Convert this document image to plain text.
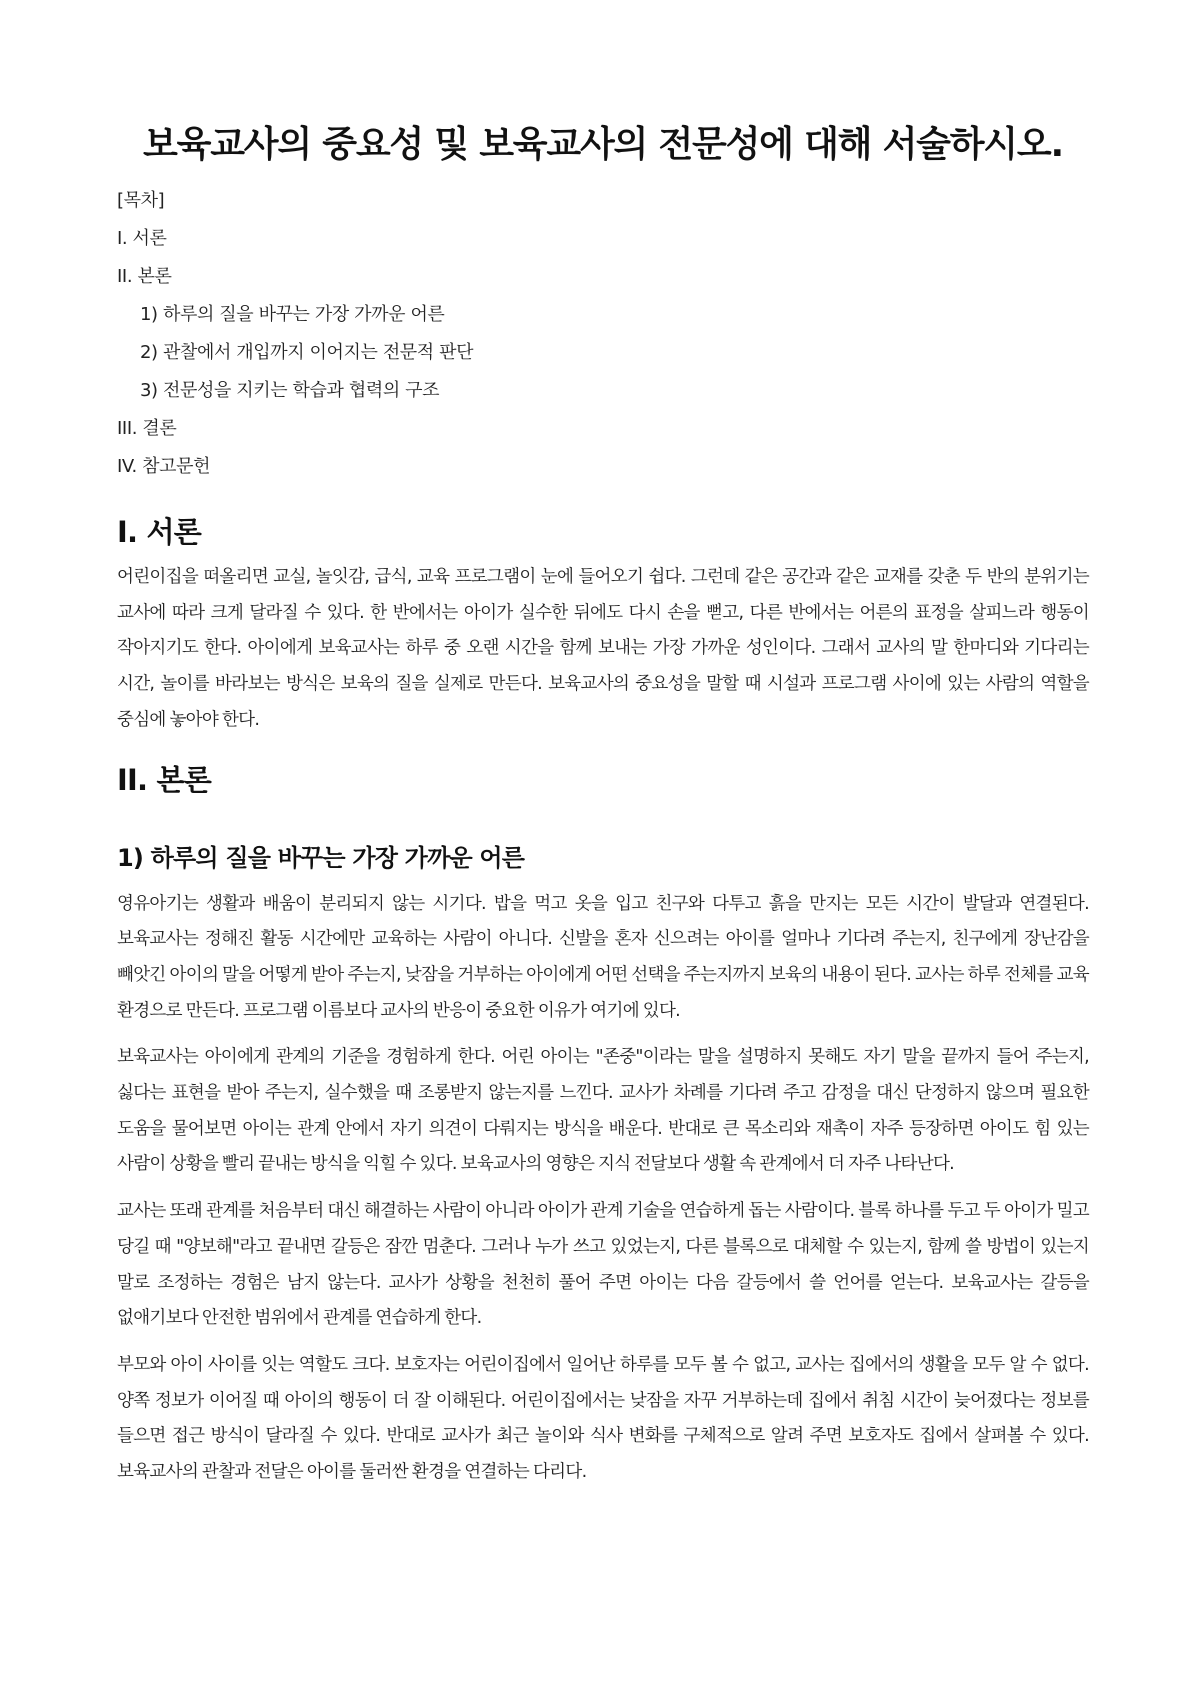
보육교사의 중요성 및 보육교사의 전문성에 대해 서술하시오.
[목차]
I. 서론
II. 본론
1) 하루의 질을 바꾸는 가장 가까운 어른
2) 관찰에서 개입까지 이어지는 전문적 판단
3) 전문성을 지키는 학습과 협력의 구조
III. 결론
IV. 참고문헌
I. 서론

어린이집을 떠올리면 교실, 놀잇감, 급식, 교육 프로그램이 눈에 들어오기 쉽다. 그런데 같은 공간과 같은 교재를 갖춘 두 반의 분위기는 교사에 따라 크게 달라질 수 있다. 한 반에서는 아이가 실수한 뒤에도 다시 손을 뻗고, 다른 반에서는 어른의 표정을 살피느라 행동이 작아지기도 한다. 아이에게 보육교사는 하루 중 오랜 시간을 함께 보내는 가장 가까운 성인이다. 그래서 교사의 말 한마디와 기다리는 시간, 놀이를 바라보는 방식은 보육의 질을 실제로 만든다. 보육교사의 중요성을 말할 때 시설과 프로그램 사이에 있는 사람의 역할을 중심에 놓아야 한다.

II. 본론
1) 하루의 질을 바꾸는 가장 가까운 어른

영유아기는 생활과 배움이 분리되지 않는 시기다. 밥을 먹고 옷을 입고 친구와 다투고 흙을 만지는 모든 시간이 발달과 연결된다. 보육교사는 정해진 활동 시간에만 교육하는 사람이 아니다. 신발을 혼자 신으려는 아이를 얼마나 기다려 주는지, 친구에게 장난감을 빼앗긴 아이의 말을 어떻게 받아 주는지, 낮잠을 거부하는 아이에게 어떤 선택을 주는지까지 보육의 내용이 된다. 교사는 하루 전체를 교육 환경으로 만든다. 프로그램 이름보다 교사의 반응이 중요한 이유가 여기에 있다.

보육교사는 아이에게 관계의 기준을 경험하게 한다. 어린 아이는 "존중"이라는 말을 설명하지 못해도 자기 말을 끝까지 들어 주는지, 싫다는 표현을 받아 주는지, 실수했을 때 조롱받지 않는지를 느낀다. 교사가 차례를 기다려 주고 감정을 대신 단정하지 않으며 필요한 도움을 물어보면 아이는 관계 안에서 자기 의견이 다뤄지는 방식을 배운다. 반대로 큰 목소리와 재촉이 자주 등장하면 아이도 힘 있는 사람이 상황을 빨리 끝내는 방식을 익힐 수 있다. 보육교사의 영향은 지식 전달보다 생활 속 관계에서 더 자주 나타난다.

교사는 또래 관계를 처음부터 대신 해결하는 사람이 아니라 아이가 관계 기술을 연습하게 돕는 사람이다. 블록 하나를 두고 두 아이가 밀고 당길 때 "양보해"라고 끝내면 갈등은 잠깐 멈춘다. 그러나 누가 쓰고 있었는지, 다른 블록으로 대체할 수 있는지, 함께 쓸 방법이 있는지 말로 조정하는 경험은 남지 않는다. 교사가 상황을 천천히 풀어 주면 아이는 다음 갈등에서 쓸 언어를 얻는다. 보육교사는 갈등을 없애기보다 안전한 범위에서 관계를 연습하게 한다.

부모와 아이 사이를 잇는 역할도 크다. 보호자는 어린이집에서 일어난 하루를 모두 볼 수 없고, 교사는 집에서의 생활을 모두 알 수 없다. 양쪽 정보가 이어질 때 아이의 행동이 더 잘 이해된다. 어린이집에서는 낮잠을 자꾸 거부하는데 집에서 취침 시간이 늦어졌다는 정보를 들으면 접근 방식이 달라질 수 있다. 반대로 교사가 최근 놀이와 식사 변화를 구체적으로 알려 주면 보호자도 집에서 살펴볼 수 있다. 보육교사의 관찰과 전달은 아이를 둘러싼 환경을 연결하는 다리다.
